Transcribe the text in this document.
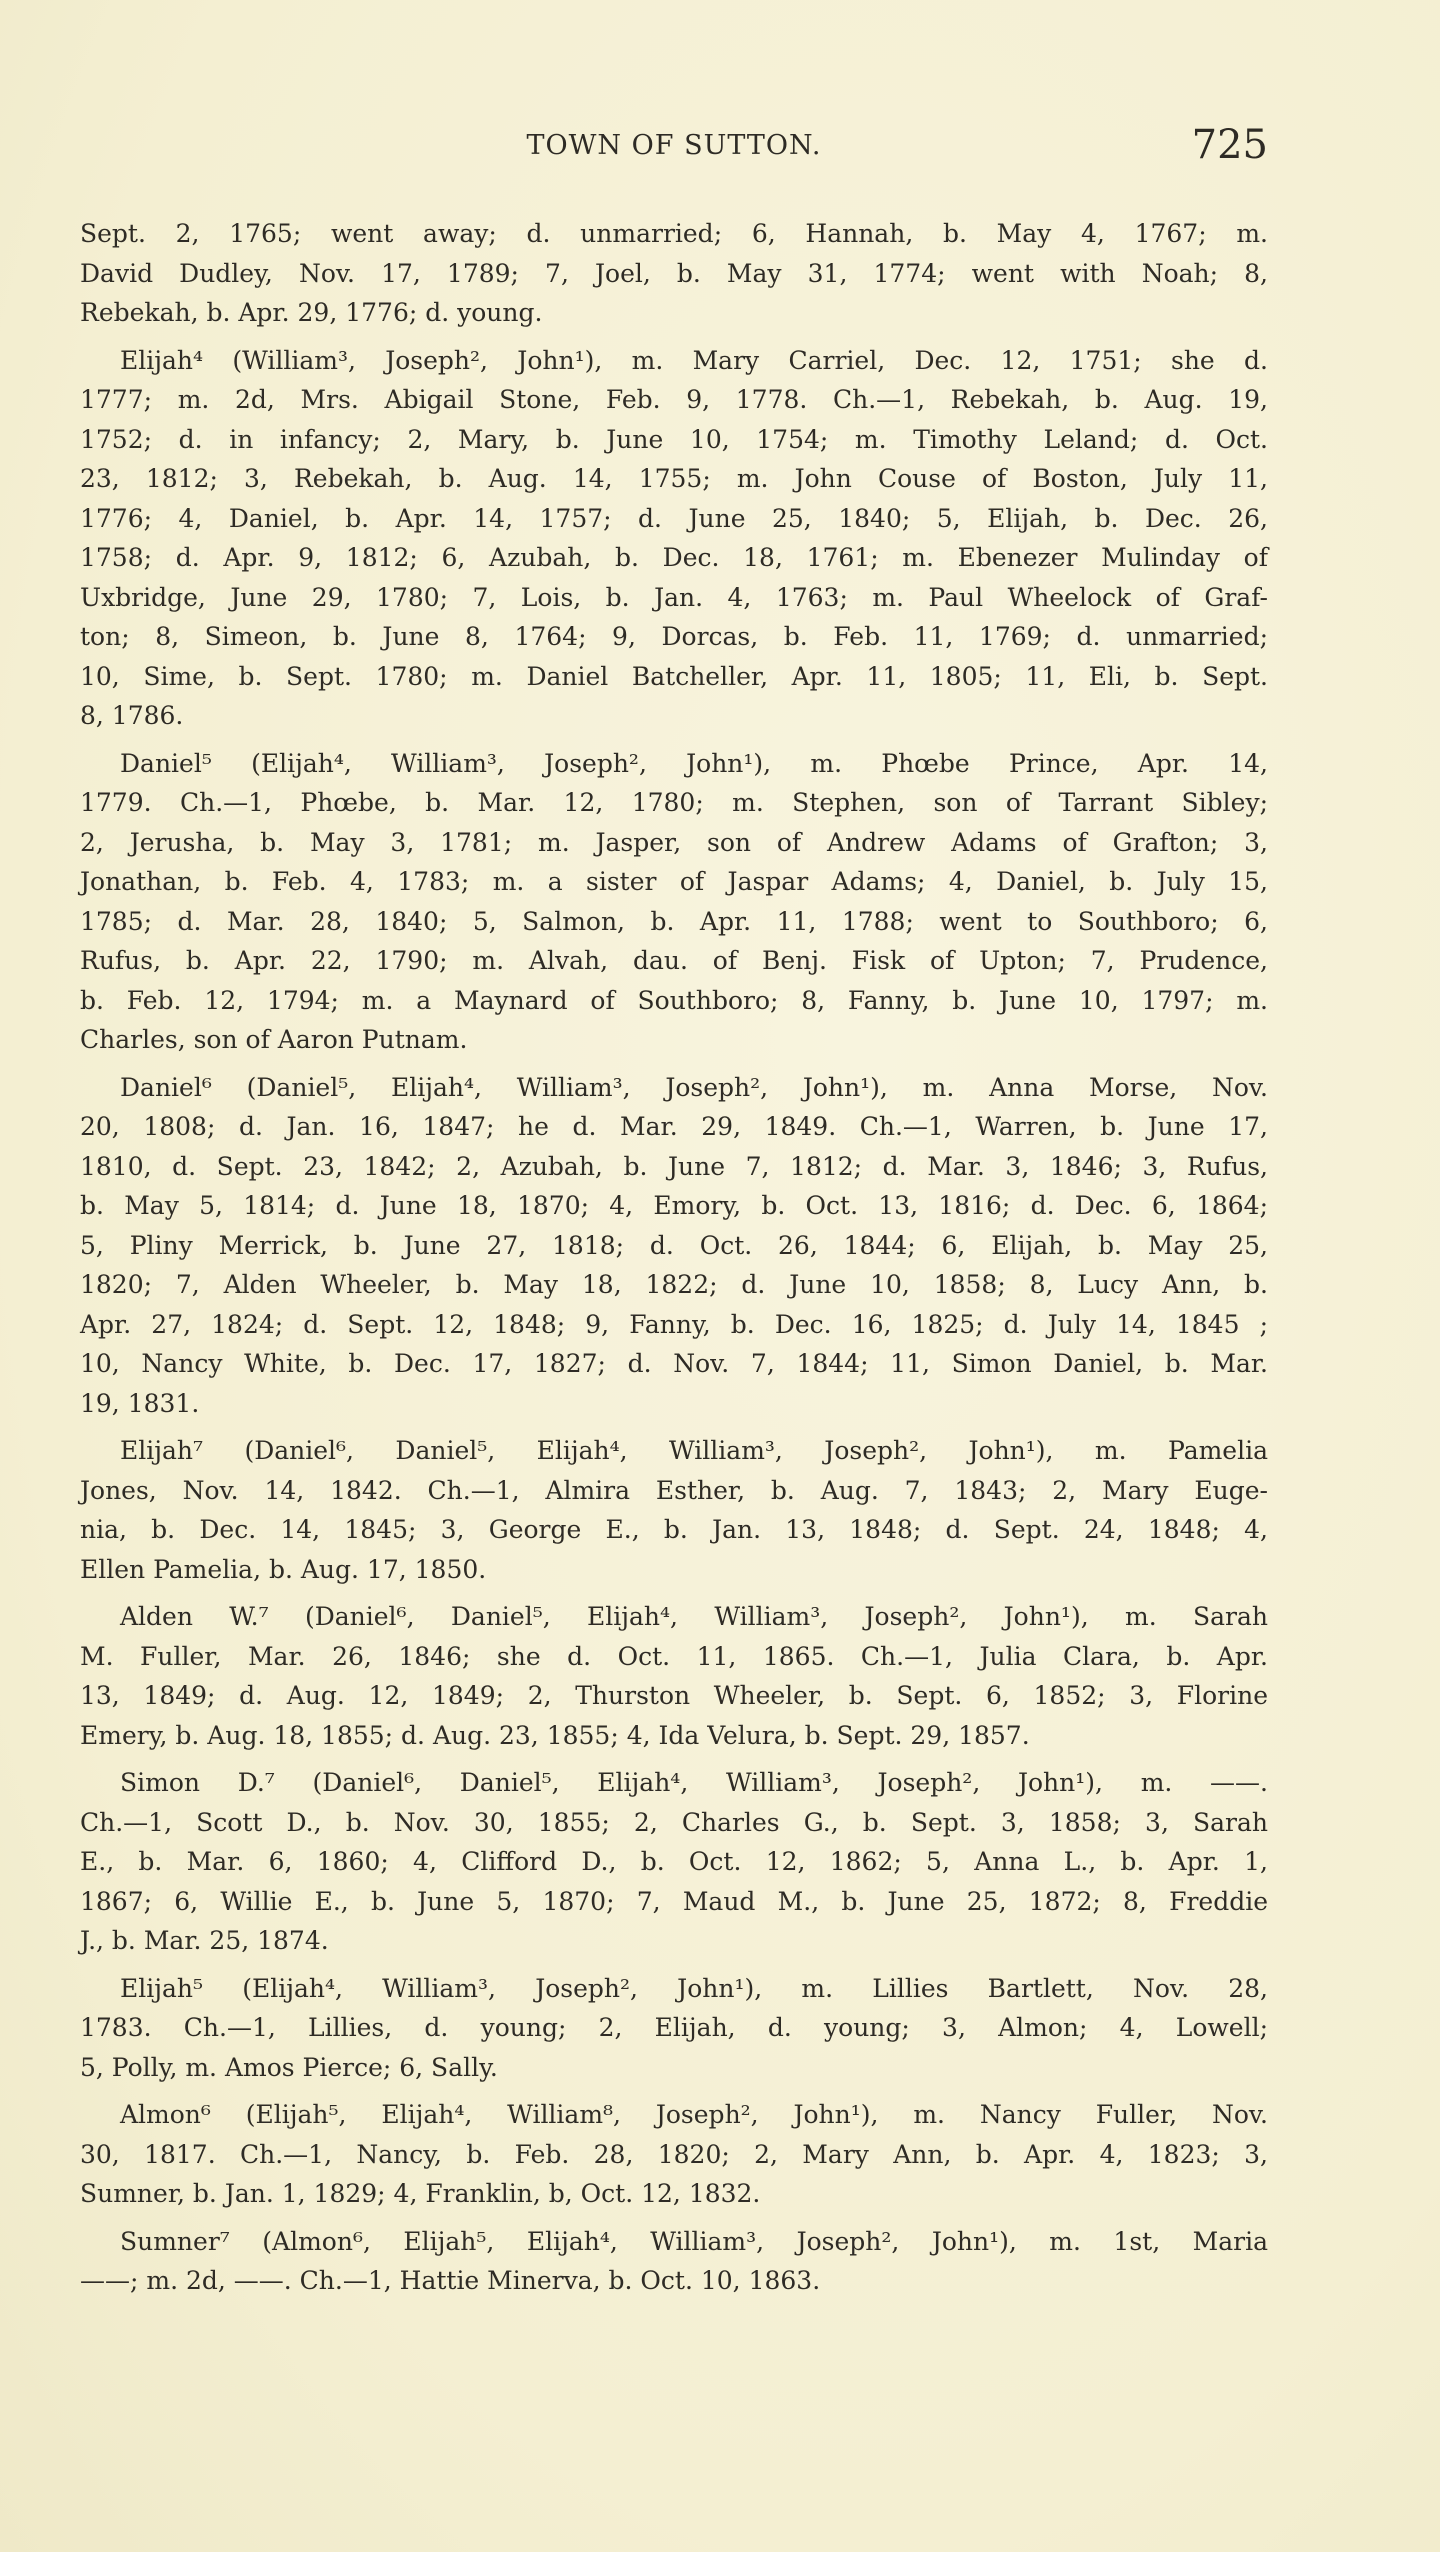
TOWN OF SUTTON.	725
Sept. 2, 1765; went away; d. unmarried; 6, Hannah, b. May 4, 1767; m.
David Dudley, Nov. 17, 1789; 7, Joel, b. May 31, 1774; went with Noah; 8,
Rebekah, b. Apr. 29, 1776; d. young.
Elijah⁴ (William³, Joseph², John¹), m. Mary Carriel, Dec. 12, 1751; she d.
1777; m. 2d, Mrs. Abigail Stone, Feb. 9, 1778. Ch.—1, Rebekah, b. Aug. 19,
1752; d. in infancy; 2, Mary, b. June 10, 1754; m. Timothy Leland; d. Oct.
23, 1812; 3, Rebekah, b. Aug. 14, 1755; m. John Couse of Boston, July 11,
1776; 4, Daniel, b. Apr. 14, 1757; d. June 25, 1840; 5, Elijah, b. Dec. 26,
1758; d. Apr. 9, 1812; 6, Azubah, b. Dec. 18, 1761; m. Ebenezer Mulinday of
Uxbridge, June 29, 1780; 7, Lois, b. Jan. 4, 1763; m. Paul Wheelock of Graf-
ton; 8, Simeon, b. June 8, 1764; 9, Dorcas, b. Feb. 11, 1769; d. unmarried;
10, Sime, b. Sept. 1780; m. Daniel Batcheller, Apr. 11, 1805; 11, Eli, b. Sept.
8, 1786.
Daniel⁵ (Elijah⁴, William³, Joseph², John¹), m. Phœbe Prince, Apr. 14,
1779. Ch.—1, Phœbe, b. Mar. 12, 1780; m. Stephen, son of Tarrant Sibley;
2, Jerusha, b. May 3, 1781; m. Jasper, son of Andrew Adams of Grafton; 3,
Jonathan, b. Feb. 4, 1783; m. a sister of Jaspar Adams; 4, Daniel, b. July 15,
1785; d. Mar. 28, 1840; 5, Salmon, b. Apr. 11, 1788; went to Southboro; 6,
Rufus, b. Apr. 22, 1790; m. Alvah, dau. of Benj. Fisk of Upton; 7, Prudence,
b. Feb. 12, 1794; m. a Maynard of Southboro; 8, Fanny, b. June 10, 1797; m.
Charles, son of Aaron Putnam.
Daniel⁶ (Daniel⁵, Elijah⁴, William³, Joseph², John¹), m. Anna Morse, Nov.
20, 1808; d. Jan. 16, 1847; he d. Mar. 29, 1849. Ch.—1, Warren, b. June 17,
1810, d. Sept. 23, 1842; 2, Azubah, b. June 7, 1812; d. Mar. 3, 1846; 3, Rufus,
b. May 5, 1814; d. June 18, 1870; 4, Emory, b. Oct. 13, 1816; d. Dec. 6, 1864;
5, Pliny Merrick, b. June 27, 1818; d. Oct. 26, 1844; 6, Elijah, b. May 25,
1820; 7, Alden Wheeler, b. May 18, 1822; d. June 10, 1858; 8, Lucy Ann, b.
Apr. 27, 1824; d. Sept. 12, 1848; 9, Fanny, b. Dec. 16, 1825; d. July 14, 1845 ;
10, Nancy White, b. Dec. 17, 1827; d. Nov. 7, 1844; 11, Simon Daniel, b. Mar.
19, 1831.
Elijah⁷ (Daniel⁶, Daniel⁵, Elijah⁴, William³, Joseph², John¹), m. Pamelia
Jones, Nov. 14, 1842. Ch.—1, Almira Esther, b. Aug. 7, 1843; 2, Mary Euge-
nia, b. Dec. 14, 1845; 3, George E., b. Jan. 13, 1848; d. Sept. 24, 1848; 4,
Ellen Pamelia, b. Aug. 17, 1850.
Alden W.⁷ (Daniel⁶, Daniel⁵, Elijah⁴, William³, Joseph², John¹), m. Sarah
M. Fuller, Mar. 26, 1846; she d. Oct. 11, 1865. Ch.—1, Julia Clara, b. Apr.
13, 1849; d. Aug. 12, 1849; 2, Thurston Wheeler, b. Sept. 6, 1852; 3, Florine
Emery, b. Aug. 18, 1855; d. Aug. 23, 1855; 4, Ida Velura, b. Sept. 29, 1857.
Simon D.⁷ (Daniel⁶, Daniel⁵, Elijah⁴, William³, Joseph², John¹), m. ——.
Ch.—1, Scott D., b. Nov. 30, 1855; 2, Charles G., b. Sept. 3, 1858; 3, Sarah
E., b. Mar. 6, 1860; 4, Clifford D., b. Oct. 12, 1862; 5, Anna L., b. Apr. 1,
1867; 6, Willie E., b. June 5, 1870; 7, Maud M., b. June 25, 1872; 8, Freddie
J., b. Mar. 25, 1874.
Elijah⁵ (Elijah⁴, William³, Joseph², John¹), m. Lillies Bartlett, Nov. 28,
1783. Ch.—1, Lillies, d. young; 2, Elijah, d. young; 3, Almon; 4, Lowell;
5, Polly, m. Amos Pierce; 6, Sally.
Almon⁶ (Elijah⁵, Elijah⁴, William⁸, Joseph², John¹), m. Nancy Fuller, Nov.
30, 1817. Ch.—1, Nancy, b. Feb. 28, 1820; 2, Mary Ann, b. Apr. 4, 1823; 3,
Sumner, b. Jan. 1, 1829; 4, Franklin, b, Oct. 12, 1832.
Sumner⁷ (Almon⁶, Elijah⁵, Elijah⁴, William³, Joseph², John¹), m. 1st, Maria
——; m. 2d, ——. Ch.—1, Hattie Minerva, b. Oct. 10, 1863.
